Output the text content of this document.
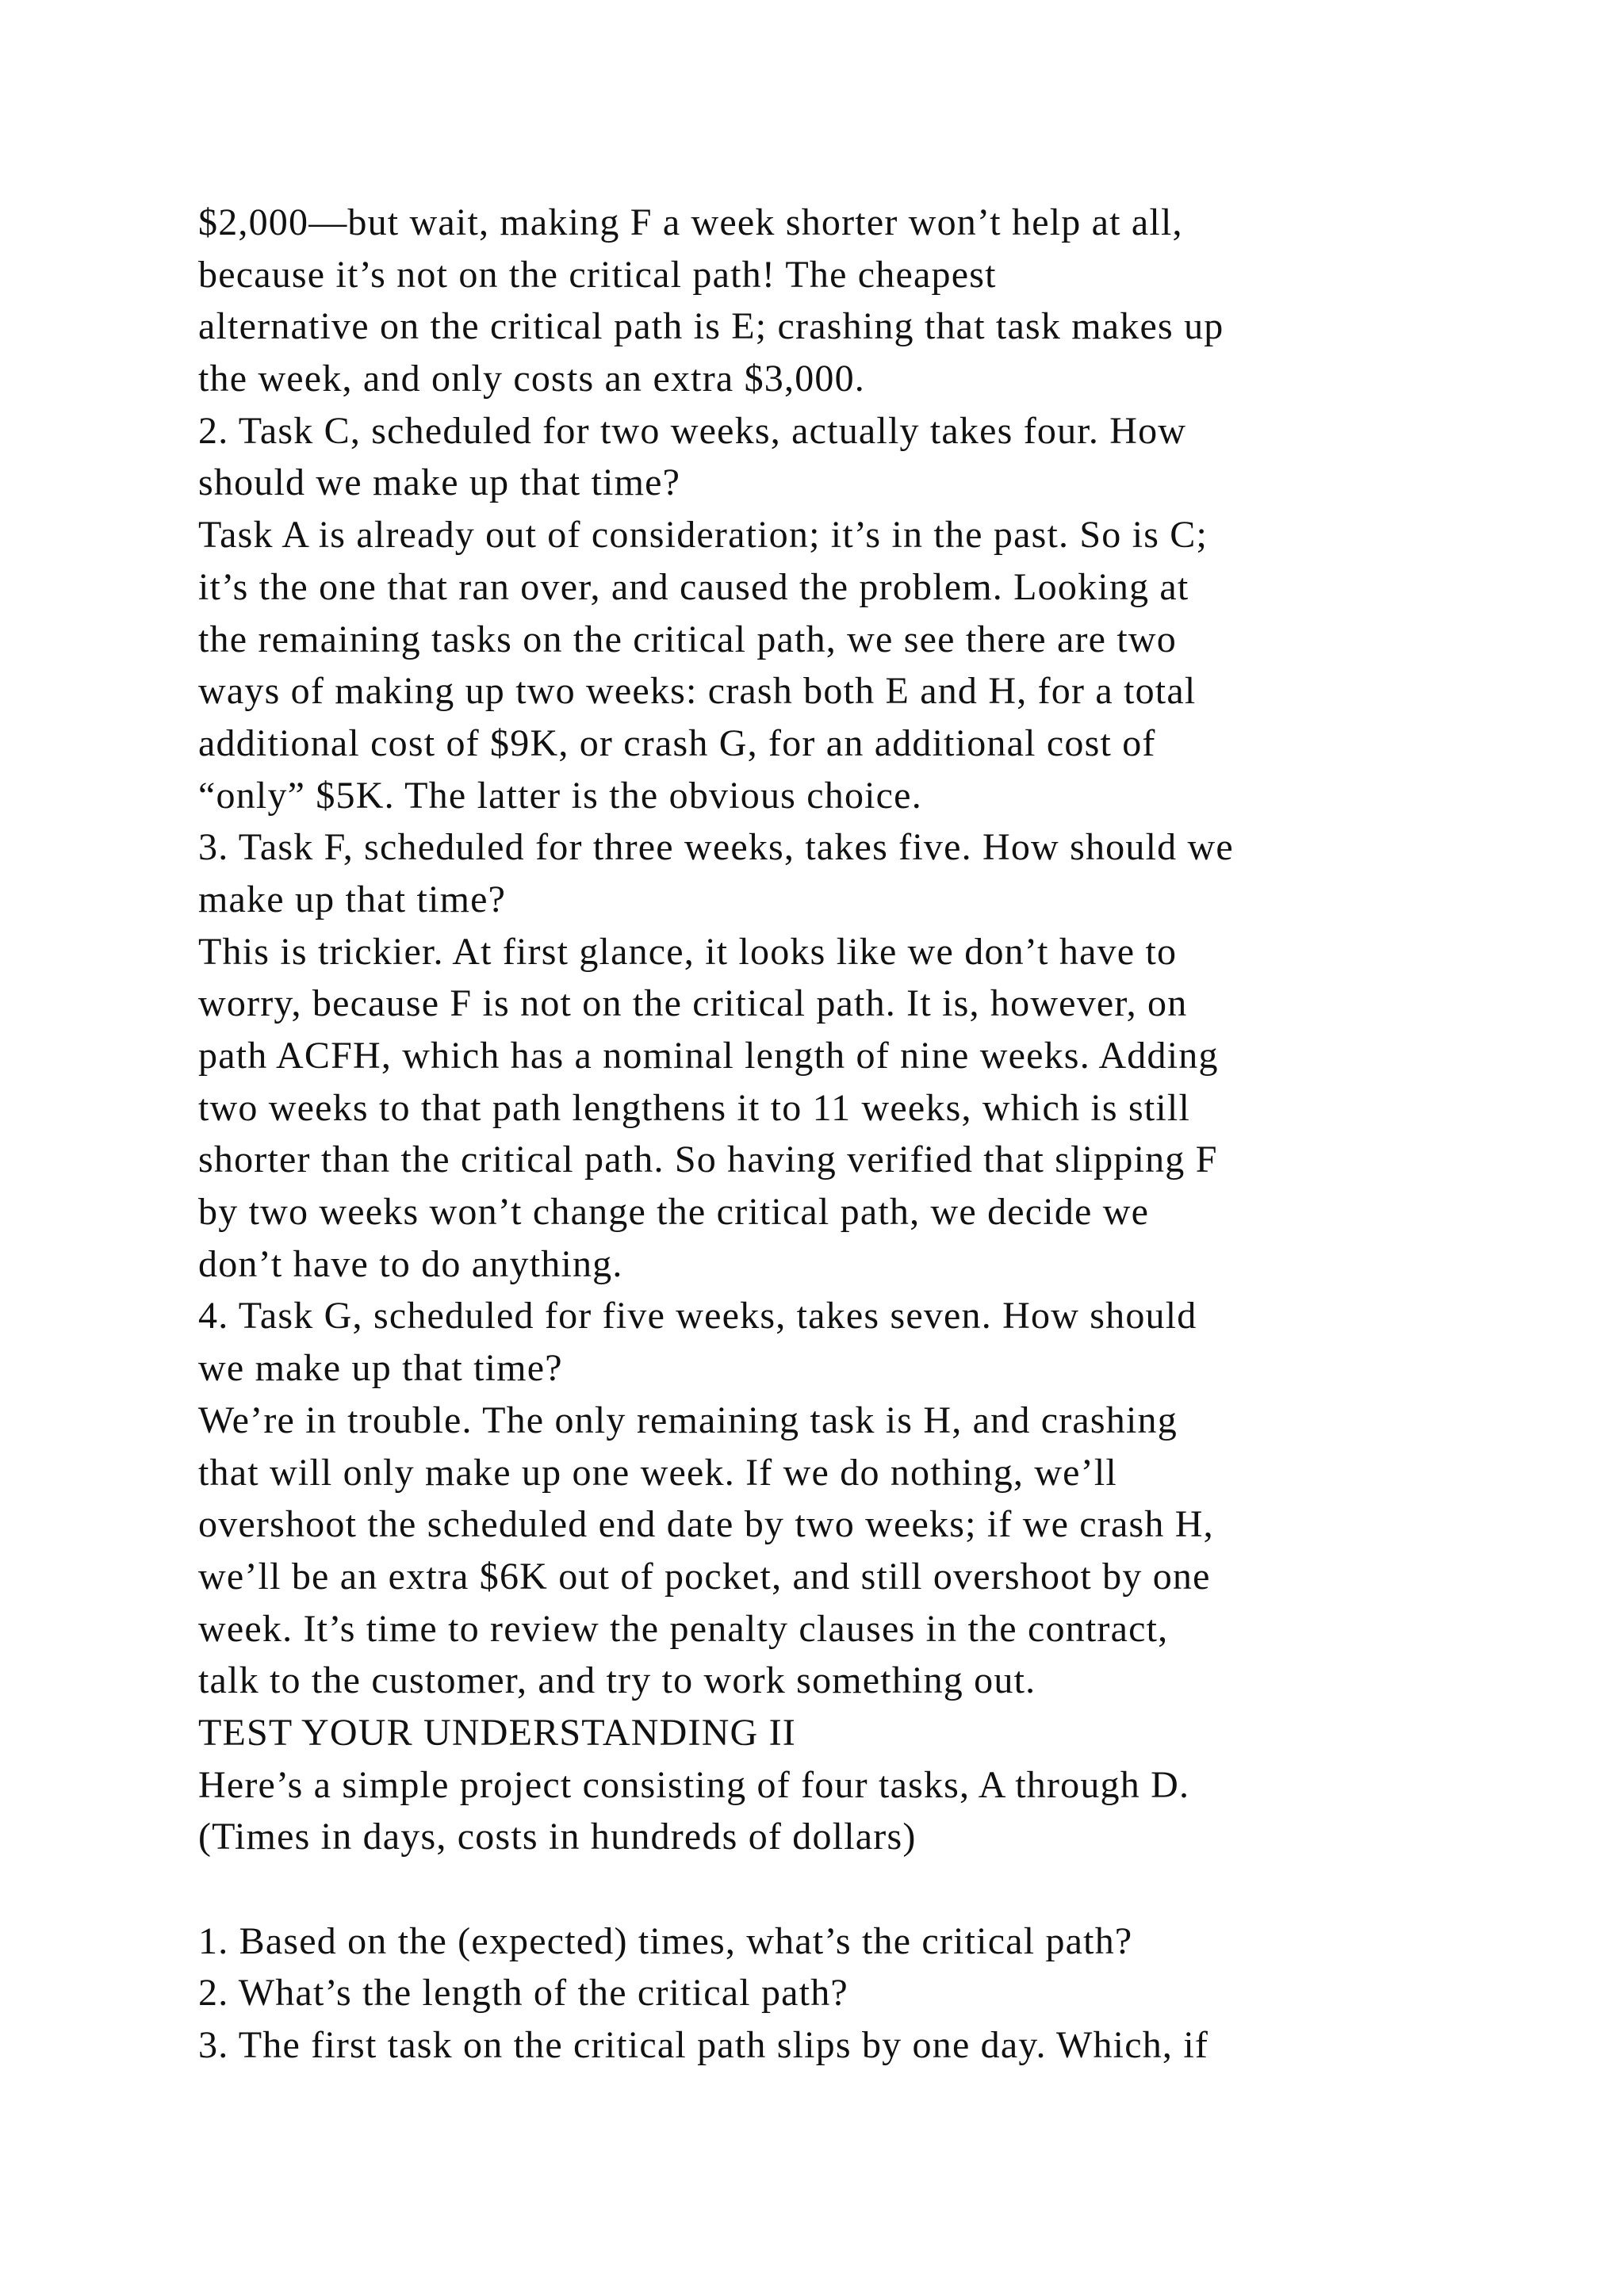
$2,000—but wait, making F a week shorter won’t help at all,
because it’s not on the critical path! The cheapest
alternative on the critical path is E; crashing that task makes up
the week, and only costs an extra $3,000.
2. Task C, scheduled for two weeks, actually takes four. How
should we make up that time?
Task A is already out of consideration; it’s in the past. So is C;
it’s the one that ran over, and caused the problem. Looking at
the remaining tasks on the critical path, we see there are two
ways of making up two weeks: crash both E and H, for a total
additional cost of $9K, or crash G, for an additional cost of
“only” $5K. The latter is the obvious choice.
3. Task F, scheduled for three weeks, takes five. How should we
make up that time?
This is trickier. At first glance, it looks like we don’t have to
worry, because F is not on the critical path. It is, however, on
path ACFH, which has a nominal length of nine weeks. Adding
two weeks to that path lengthens it to 11 weeks, which is still
shorter than the critical path. So having verified that slipping F
by two weeks won’t change the critical path, we decide we
don’t have to do anything.
4. Task G, scheduled for five weeks, takes seven. How should
we make up that time?
We’re in trouble. The only remaining task is H, and crashing
that will only make up one week. If we do nothing, we’ll
overshoot the scheduled end date by two weeks; if we crash H,
we’ll be an extra $6K out of pocket, and still overshoot by one
week. It’s time to review the penalty clauses in the contract,
talk to the customer, and try to work something out.
TEST YOUR UNDERSTANDING II
Here’s a simple project consisting of four tasks, A through D.
(Times in days, costs in hundreds of dollars)
1. Based on the (expected) times, what’s the critical path?
2. What’s the length of the critical path?
3. The first task on the critical path slips by one day. Which, if
